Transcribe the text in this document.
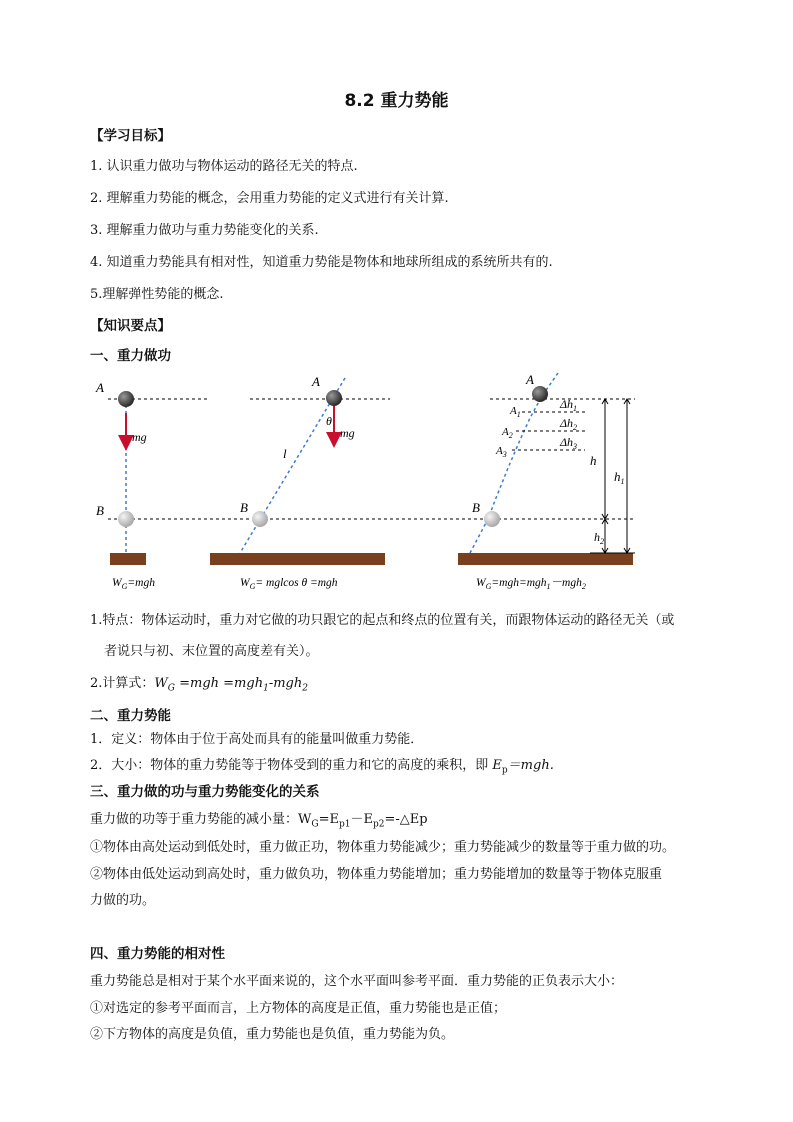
8.2 重力势能
【学习目标】
1. 认识重力做功与物体运动的路径无关的特点.
2. 理解重力势能的概念，会用重力势能的定义式进行有关计算.
3. 理解重力做功与重力势能变化的关系.
4. 知道重力势能具有相对性，知道重力势能是物体和地球所组成的系统所共有的.
5.理解弹性势能的概念.
【知识要点】
一、重力做功
A
B
mg
A
B
mg
θ
l
A
B
$A_1$
$A_2$
$A_3$
$\Delta h_1$
$\Delta h_2$
$\Delta h_3$
h
$h_1$
$h_2$
$W_G=mgh$	$W_G= mglcos$ θ =mgh	$W_G=mgh=mgh_1-mgh_2$
1.特点：物体运动时，重力对它做的功只跟它的起点和终点的位置有关，而跟物体运动的路径无关（或
者说只与初、末位置的高度差有关）。
2.计算式：$W_G =mgh =mgh_1-mgh_2$
二、重力势能
1．定义：物体由于位于高处而具有的能量叫做重力势能．
2．大小：物体的重力势能等于物体受到的重力和它的高度的乘积，即 $E_p=mgh$.
三、重力做的功与重力势能变化的关系
重力做的功等于重力势能的减小量：$W_G=E_{p1}-E_{p2}=-\triangle Ep$
①物体由高处运动到低处时，重力做正功，物体重力势能减少；重力势能减少的数量等于重力做的功。
②物体由低处运动到高处时，重力做负功，物体重力势能增加；重力势能增加的数量等于物体克服重
力做的功。
四、重力势能的相对性
重力势能总是相对于某个水平面来说的，这个水平面叫参考平面．重力势能的正负表示大小：
①对选定的参考平面而言，上方物体的高度是正值，重力势能也是正值；
②下方物体的高度是负值，重力势能也是负值，重力势能为负。
